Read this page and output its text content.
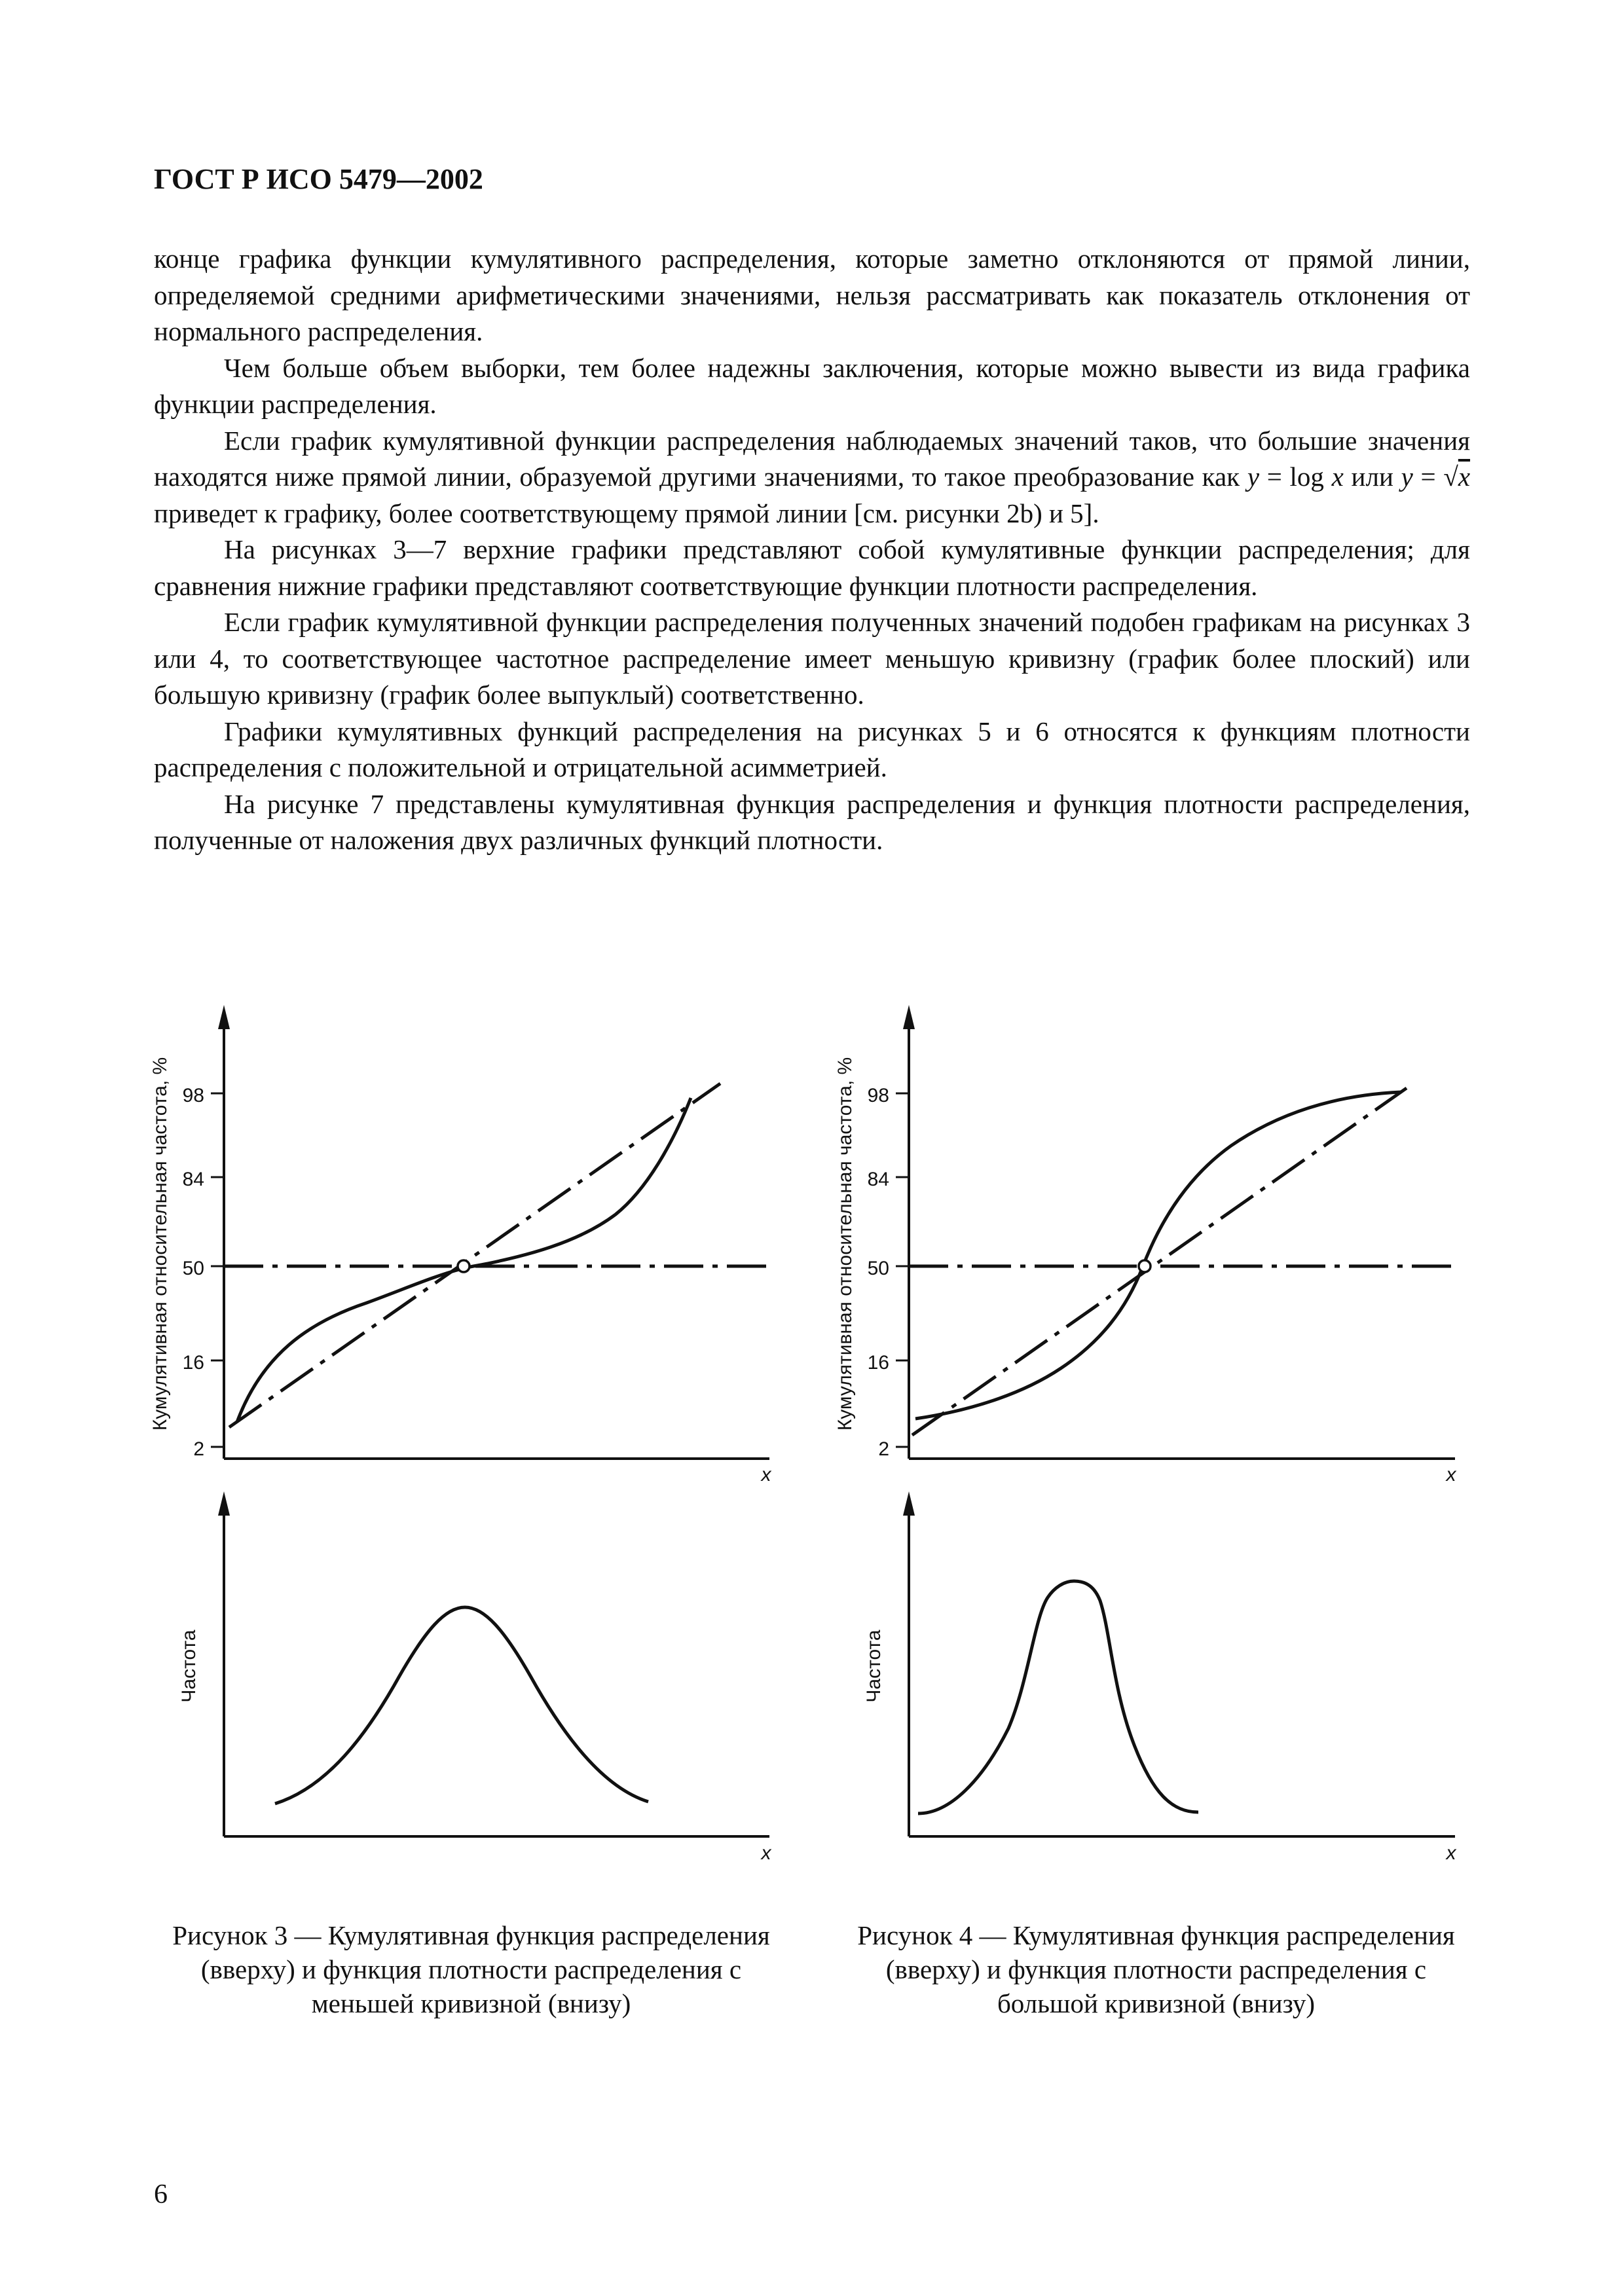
ГОСТ Р ИСО 5479—2002

конце графика функции кумулятивного распределения, которые заметно отклоняются от прямой линии, определяемой средними арифметическими значениями, нельзя рассматривать как показатель отклонения от нормального распределения.

Чем больше объем выборки, тем более надежны заключения, которые можно вывести из вида графика функции распределения.

Если график кумулятивной функции распределения наблюдаемых значений таков, что большие значения находятся ниже прямой линии, образуемой другими значениями, то такое преобразование как y = log x или y = √x приведет к графику, более соответствующему прямой линии [см. рисунки 2b) и 5].

На рисунках 3—7 верхние графики представляют собой кумулятивные функции распределения; для сравнения нижние графики представляют соответствующие функции плотности распределения.

Если график кумулятивной функции распределения полученных значений подобен графикам на рисунках 3 или 4, то соответствующее частотное распределение имеет меньшую кривизну (график более плоский) или большую кривизну (график более выпуклый) соответственно.

Графики кумулятивных функций распределения на рисунках 5 и 6 относятся к функциям плотности распределения с положительной и отрицательной асимметрией.

На рисунке 7 представлены кумулятивная функция распределения и функция плотности распределения, полученные от наложения двух различных функций плотности.

98
84
50
16
2
Кумулятивная относительная частота, %
x
Частота
x
98
84
50
16
2
Кумулятивная относительная частота, %
x
Частота
x
Рисунок 3 — Кумулятивная функция распределения (вверху) и функция плотности распределения с меньшей кривизной (внизу)
Рисунок 4 — Кумулятивная функция распределения (вверху) и функция плотности распределения с большой кривизной (внизу)
6
